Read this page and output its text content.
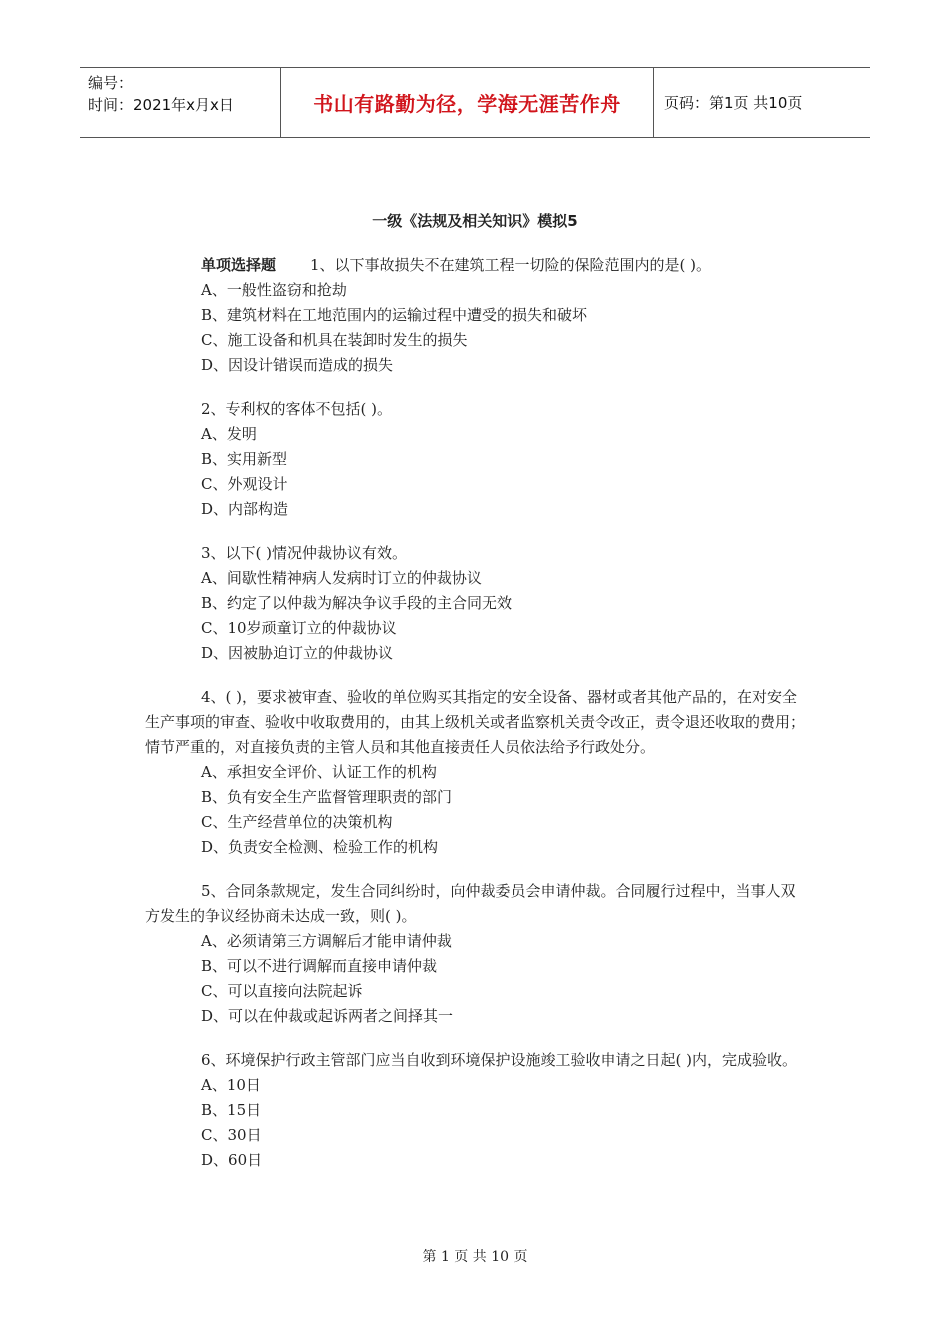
编号：
时间：2021年x月x日	书山有路勤为径，学海无涯苦作舟	页码：第1页 共10页
一级《法规及相关知识》模拟5
单项选择题 1、以下事故损失不在建筑工程一切险的保险范围内的是( )。
A、一般性盗窃和抢劫
B、建筑材料在工地范围内的运输过程中遭受的损失和破坏
C、施工设备和机具在装卸时发生的损失
D、因设计错误而造成的损失
2、专利权的客体不包括( )。
A、发明
B、实用新型
C、外观设计
D、内部构造
3、以下( )情况仲裁协议有效。
A、间歇性精神病人发病时订立的仲裁协议
B、约定了以仲裁为解决争议手段的主合同无效
C、10岁顽童订立的仲裁协议
D、因被胁迫订立的仲裁协议
4、( )，要求被审查、验收的单位购买其指定的安全设备、器材或者其他产品的，在对安全生产事项的审查、验收中收取费用的，由其上级机关或者监察机关责令改正，责令退还收取的费用；情节严重的，对直接负责的主管人员和其他直接责任人员依法给予行政处分。
A、承担安全评价、认证工作的机构
B、负有安全生产监督管理职责的部门
C、生产经营单位的决策机构
D、负责安全检测、检验工作的机构
5、合同条款规定，发生合同纠纷时，向仲裁委员会申请仲裁。合同履行过程中，当事人双方发生的争议经协商未达成一致，则( )。
A、必须请第三方调解后才能申请仲裁
B、可以不进行调解而直接申请仲裁
C、可以直接向法院起诉
D、可以在仲裁或起诉两者之间择其一
6、环境保护行政主管部门应当自收到环境保护设施竣工验收申请之日起( )内，完成验收。
A、10日
B、15日
C、30日
D、60日
第 1 页 共 10 页
